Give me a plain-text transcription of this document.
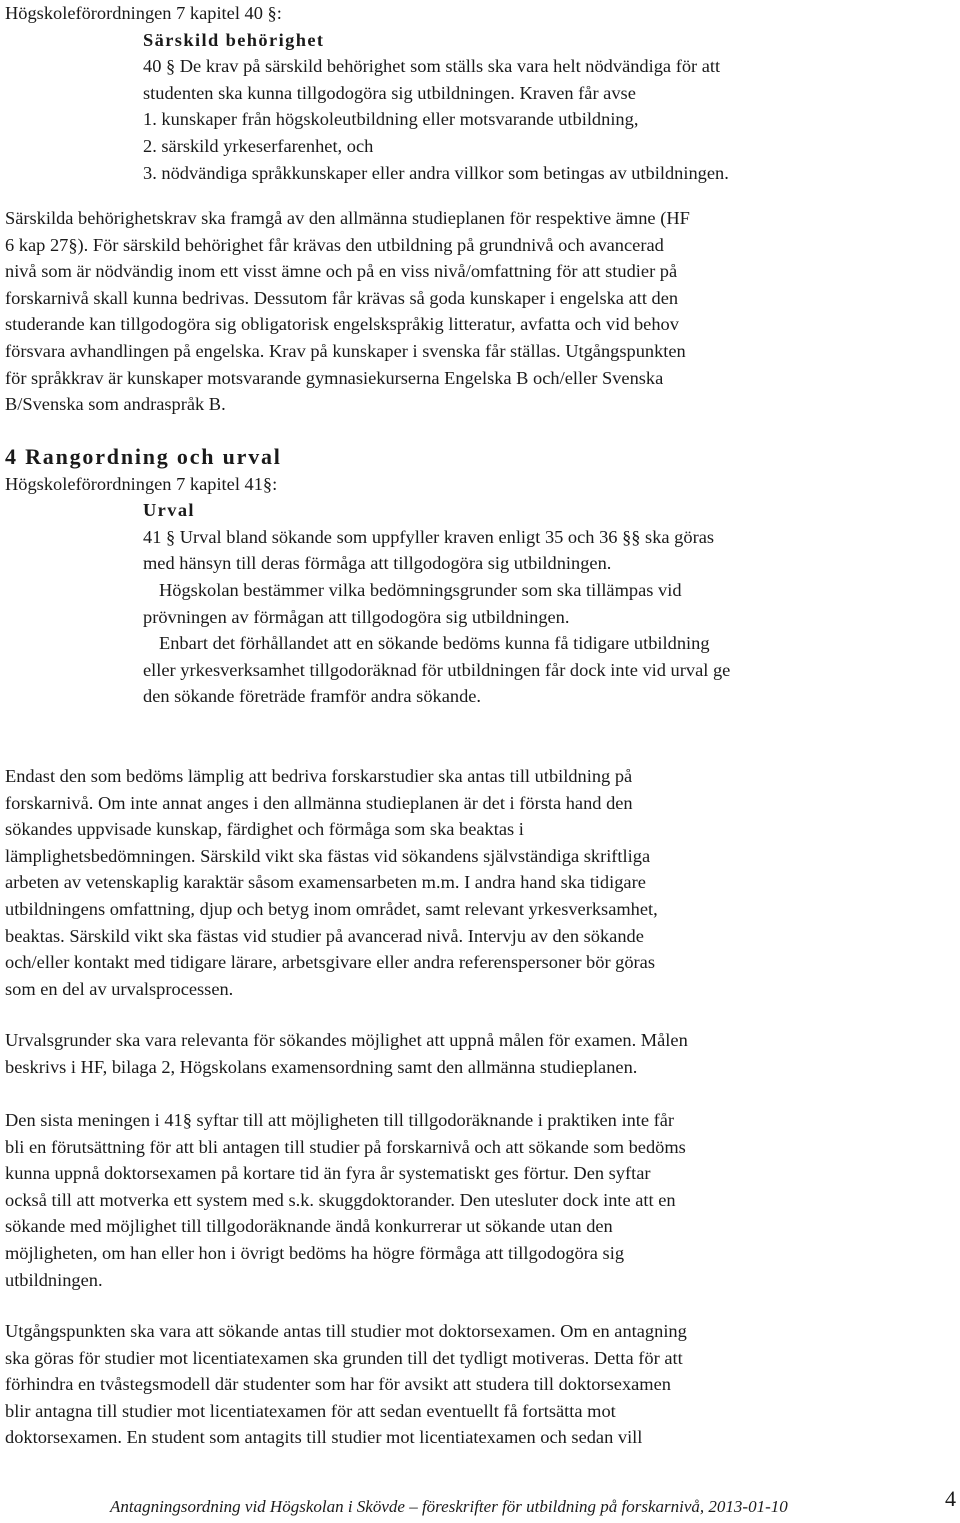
Högskoleförordningen 7 kapitel 40 §:
Särskild behörighet
40 § De krav på särskild behörighet som ställs ska vara helt nödvändiga för att
studenten ska kunna tillgodogöra sig utbildningen. Kraven får avse
1. kunskaper från högskoleutbildning eller motsvarande utbildning,
2. särskild yrkeserfarenhet, och
3. nödvändiga språkkunskaper eller andra villkor som betingas av utbildningen.
Särskilda behörighetskrav ska framgå av den allmänna studieplanen för respektive ämne (HF
6 kap 27§). För särskild behörighet får krävas den utbildning på grundnivå och avancerad
nivå som är nödvändig inom ett visst ämne och på en viss nivå/omfattning för att studier på
forskarnivå skall kunna bedrivas. Dessutom får krävas så goda kunskaper i engelska att den
studerande kan tillgodogöra sig obligatorisk engelskspråkig litteratur, avfatta och vid behov
försvara avhandlingen på engelska. Krav på kunskaper i svenska får ställas. Utgångspunkten
för språkkrav är kunskaper motsvarande gymnasiekurserna Engelska B och/eller Svenska
B/Svenska som andraspråk B.
4 Rangordning och urval
Högskoleförordningen 7 kapitel 41§:
Urval
41 § Urval bland sökande som uppfyller kraven enligt 35 och 36 §§ ska göras
med hänsyn till deras förmåga att tillgodogöra sig utbildningen.
Högskolan bestämmer vilka bedömningsgrunder som ska tillämpas vid
prövningen av förmågan att tillgodogöra sig utbildningen.
Enbart det förhållandet att en sökande bedöms kunna få tidigare utbildning
eller yrkesverksamhet tillgodoräknad för utbildningen får dock inte vid urval ge
den sökande företräde framför andra sökande.
Endast den som bedöms lämplig att bedriva forskarstudier ska antas till utbildning på
forskarnivå. Om inte annat anges i den allmänna studieplanen är det i första hand den
sökandes uppvisade kunskap, färdighet och förmåga som ska beaktas i
lämplighetsbedömningen. Särskild vikt ska fästas vid sökandens självständiga skriftliga
arbeten av vetenskaplig karaktär såsom examensarbeten m.m. I andra hand ska tidigare
utbildningens omfattning, djup och betyg inom området, samt relevant yrkesverksamhet,
beaktas. Särskild vikt ska fästas vid studier på avancerad nivå. Intervju av den sökande
och/eller kontakt med tidigare lärare, arbetsgivare eller andra referenspersoner bör göras
som en del av urvalsprocessen.
Urvalsgrunder ska vara relevanta för sökandes möjlighet att uppnå målen för examen. Målen
beskrivs i HF, bilaga 2, Högskolans examensordning samt den allmänna studieplanen.
Den sista meningen i 41§ syftar till att möjligheten till tillgodoräknande i praktiken inte får
bli en förutsättning för att bli antagen till studier på forskarnivå och att sökande som bedöms
kunna uppnå doktorsexamen på kortare tid än fyra år systematiskt ges förtur. Den syftar
också till att motverka ett system med s.k. skuggdoktorander. Den utesluter dock inte att en
sökande med möjlighet till tillgodoräknande ändå konkurrerar ut sökande utan den
möjligheten, om han eller hon i övrigt bedöms ha högre förmåga att tillgodogöra sig
utbildningen.
Utgångspunkten ska vara att sökande antas till studier mot doktorsexamen. Om en antagning
ska göras för studier mot licentiatexamen ska grunden till det tydligt motiveras. Detta för att
förhindra en tvåstegsmodell där studenter som har för avsikt att studera till doktorsexamen
blir antagna till studier mot licentiatexamen för att sedan eventuellt få fortsätta mot
doktorsexamen. En student som antagits till studier mot licentiatexamen och sedan vill
Antagningsordning vid Högskolan i Skövde – föreskrifter för utbildning på forskarnivå, 2013-01-10	4
